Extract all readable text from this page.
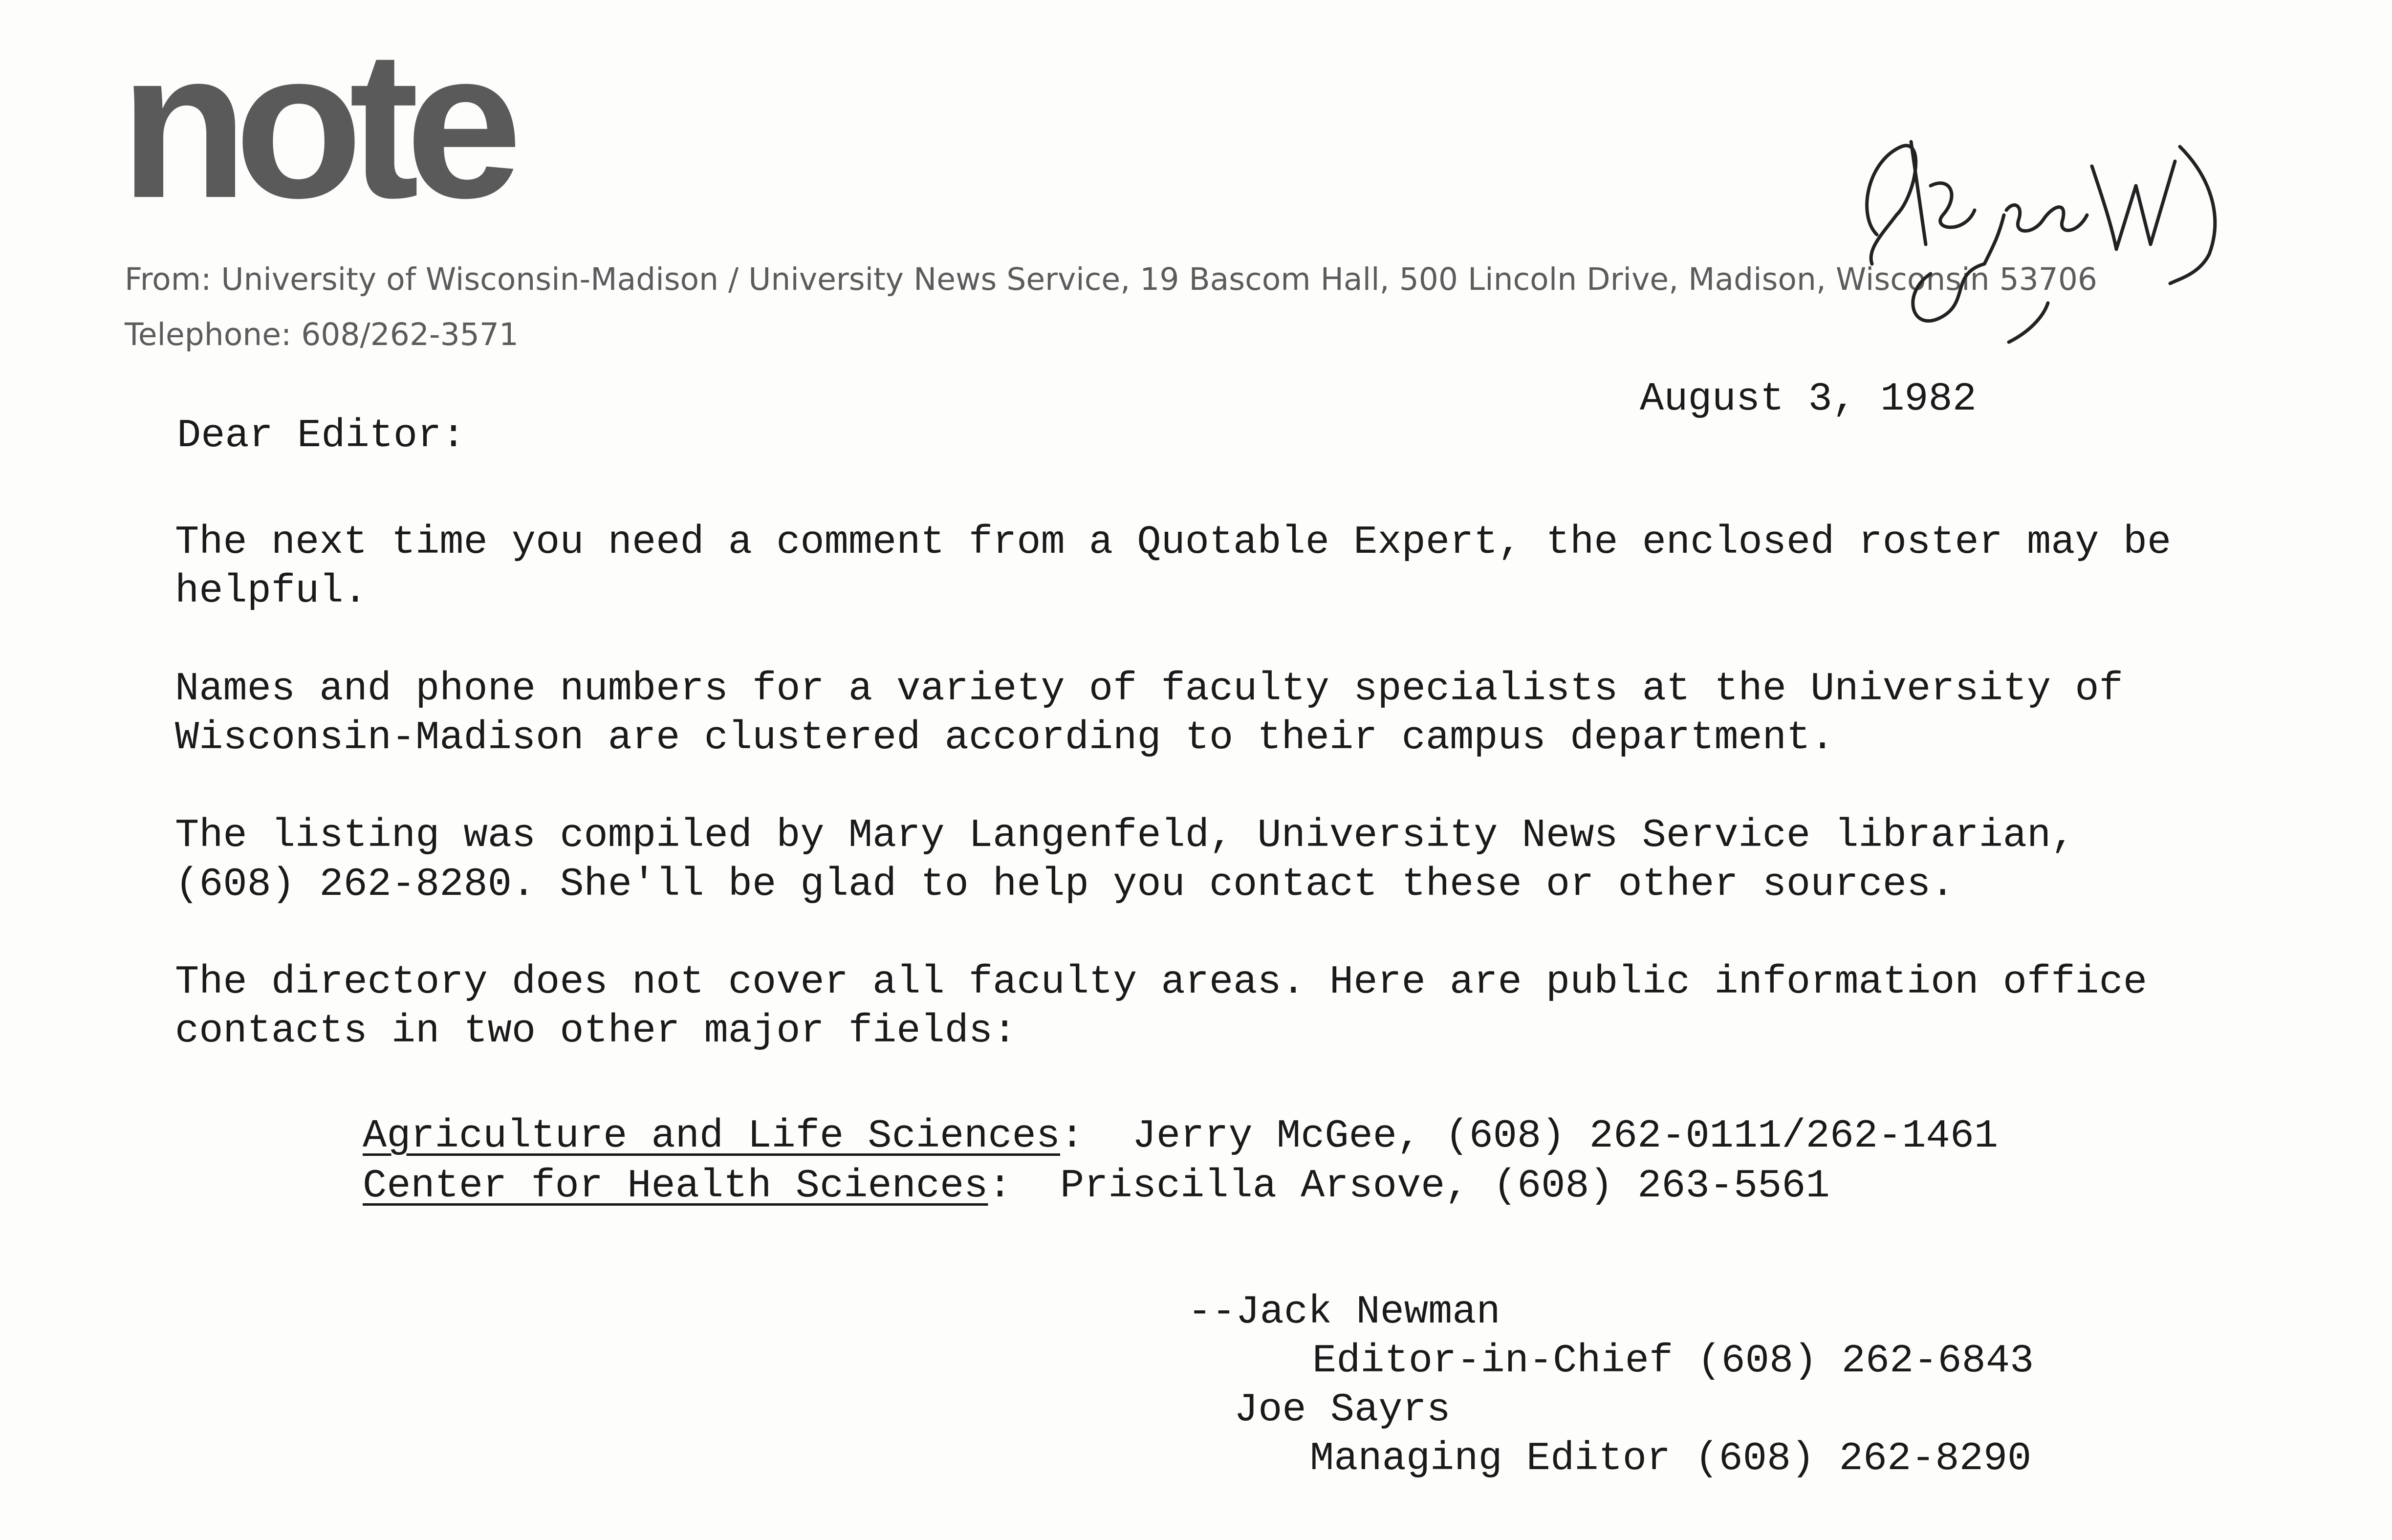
note
From: University of Wisconsin-Madison / University News Service, 19 Bascom Hall, 500 Lincoln Drive, Madison, Wisconsin 53706
Telephone: 608/262-3571
August 3, 1982
Dear Editor:
The next time you need a comment from a Quotable Expert, the enclosed roster may be
helpful.
Names and phone numbers for a variety of faculty specialists at the University of
Wisconsin-Madison are clustered according to their campus department.
The listing was compiled by Mary Langenfeld, University News Service librarian,
(608) 262-8280. She'll be glad to help you contact these or other sources.
The directory does not cover all faculty areas. Here are public information office
contacts in two other major fields:
Agriculture and Life Sciences:  Jerry McGee, (608) 262-0111/262-1461
Center for Health Sciences:  Priscilla Arsove, (608) 263-5561
--Jack Newman
Editor-in-Chief (608) 262-6843
Joe Sayrs
Managing Editor (608) 262-8290
